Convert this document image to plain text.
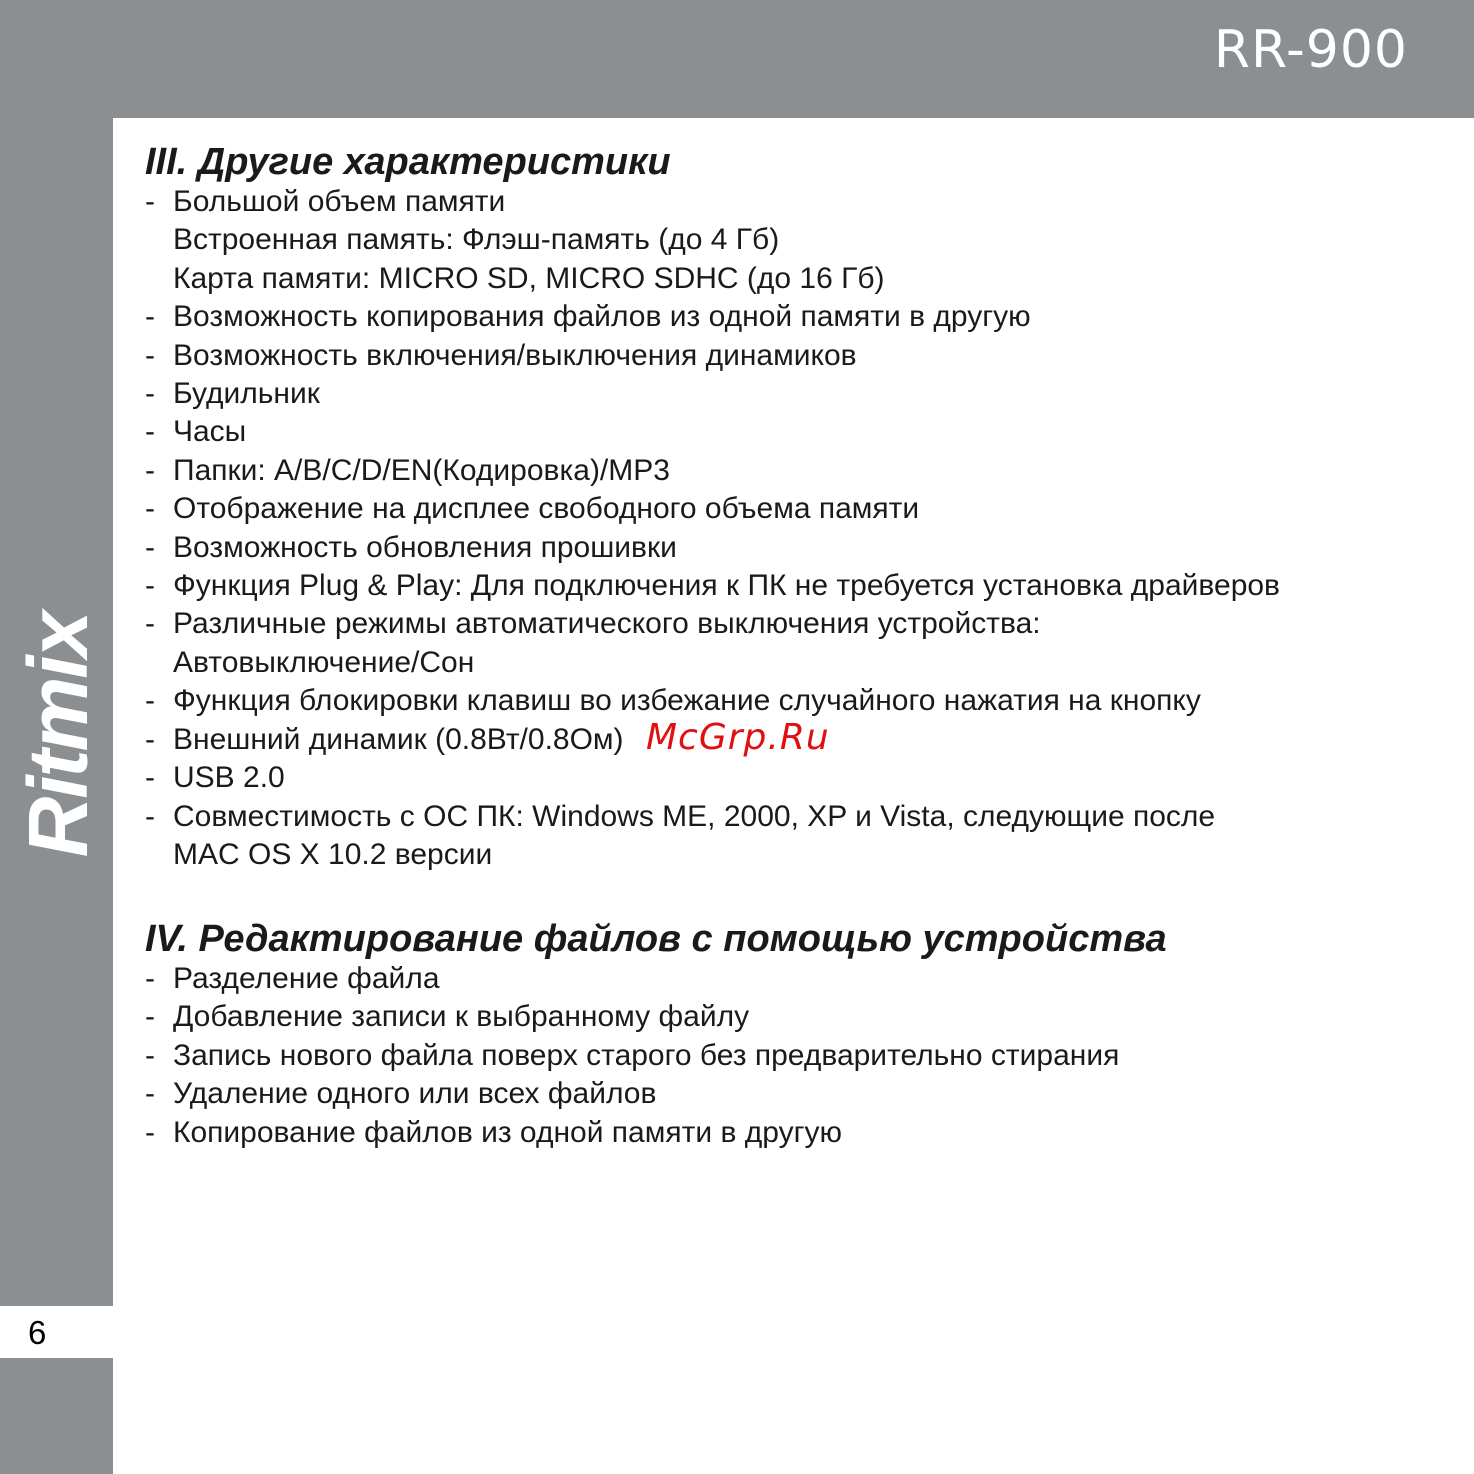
RR-900
Ritmix
6
III. Другие характеристики
- Большой объем памяти
Встроенная память: Флэш-память (до 4 Гб)
Карта памяти: MICRO SD, MICRO SDHC (до 16 Гб)
- Возможность копирования файлов из одной памяти в другую
- Возможность включения/выключения динамиков
- Будильник
- Часы
- Папки: A/B/C/D/EN(Кодировка)/MP3
- Отображение на дисплее свободного объема памяти
- Возможность обновления прошивки
- Функция Plug & Play: Для подключения к ПК не требуется установка драйверов
- Различные режимы автоматического выключения устройства:
Автовыключение/Сон
- Функция блокировки клавиш во избежание случайного нажатия на кнопку
- Внешний динамик (0.8Вт/0.8Ом)
- USB 2.0
- Совместимость с ОС ПК: Windows ME, 2000, XP и Vista, следующие после
MAC OS X 10.2 версии
IV. Редактирование файлов с помощью устройства
- Разделение файла
- Добавление записи к выбранному файлу
- Запись нового файла поверх старого без предварительно стирания
- Удаление одного или всех файлов
- Копирование файлов из одной памяти в другую
McGrp.Ru
